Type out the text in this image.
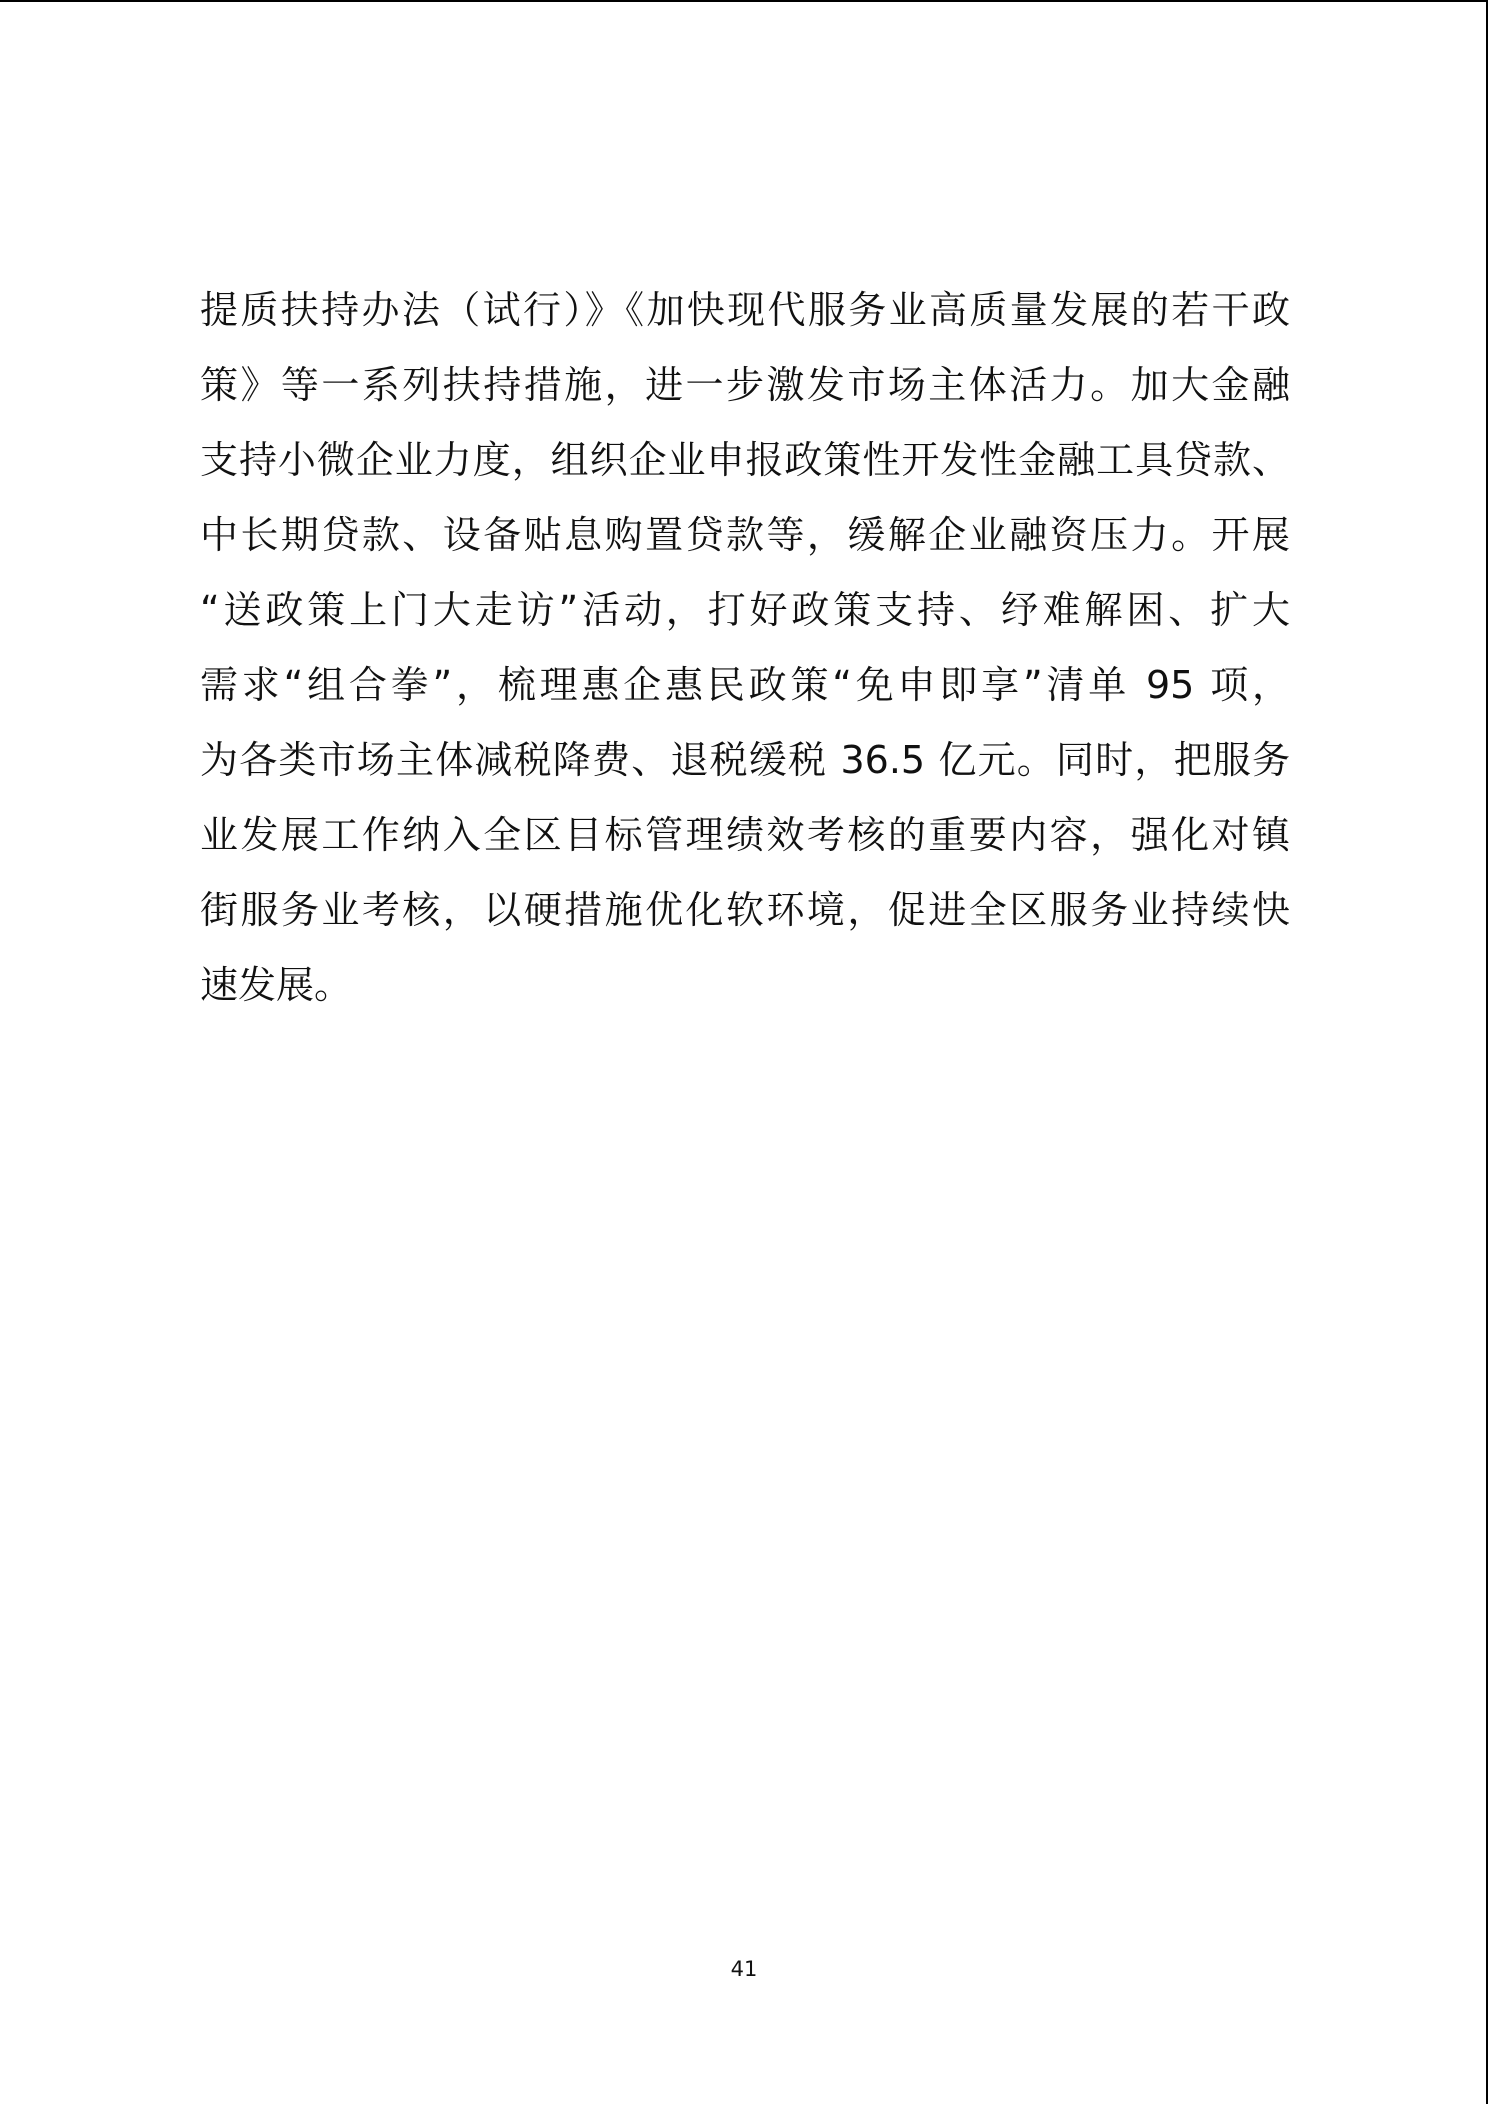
提质扶持办法（试行）》《加快现代服务业高质量发展的若干政

策》等一系列扶持措施，进一步激发市场主体活力。加大金融

支持小微企业力度，组织企业申报政策性开发性金融工具贷款、

中长期贷款、设备贴息购置贷款等，缓解企业融资压力。开展

“送政策上门大走访”活动，打好政策支持、纾难解困、扩大

需求“组合拳”，梳理惠企惠民政策“免申即享”清单 95 项，

为各类市场主体减税降费、退税缓税 36.5 亿元。同时，把服务

业发展工作纳入全区目标管理绩效考核的重要内容，强化对镇

街服务业考核，以硬措施优化软环境，促进全区服务业持续快

速发展。

41
